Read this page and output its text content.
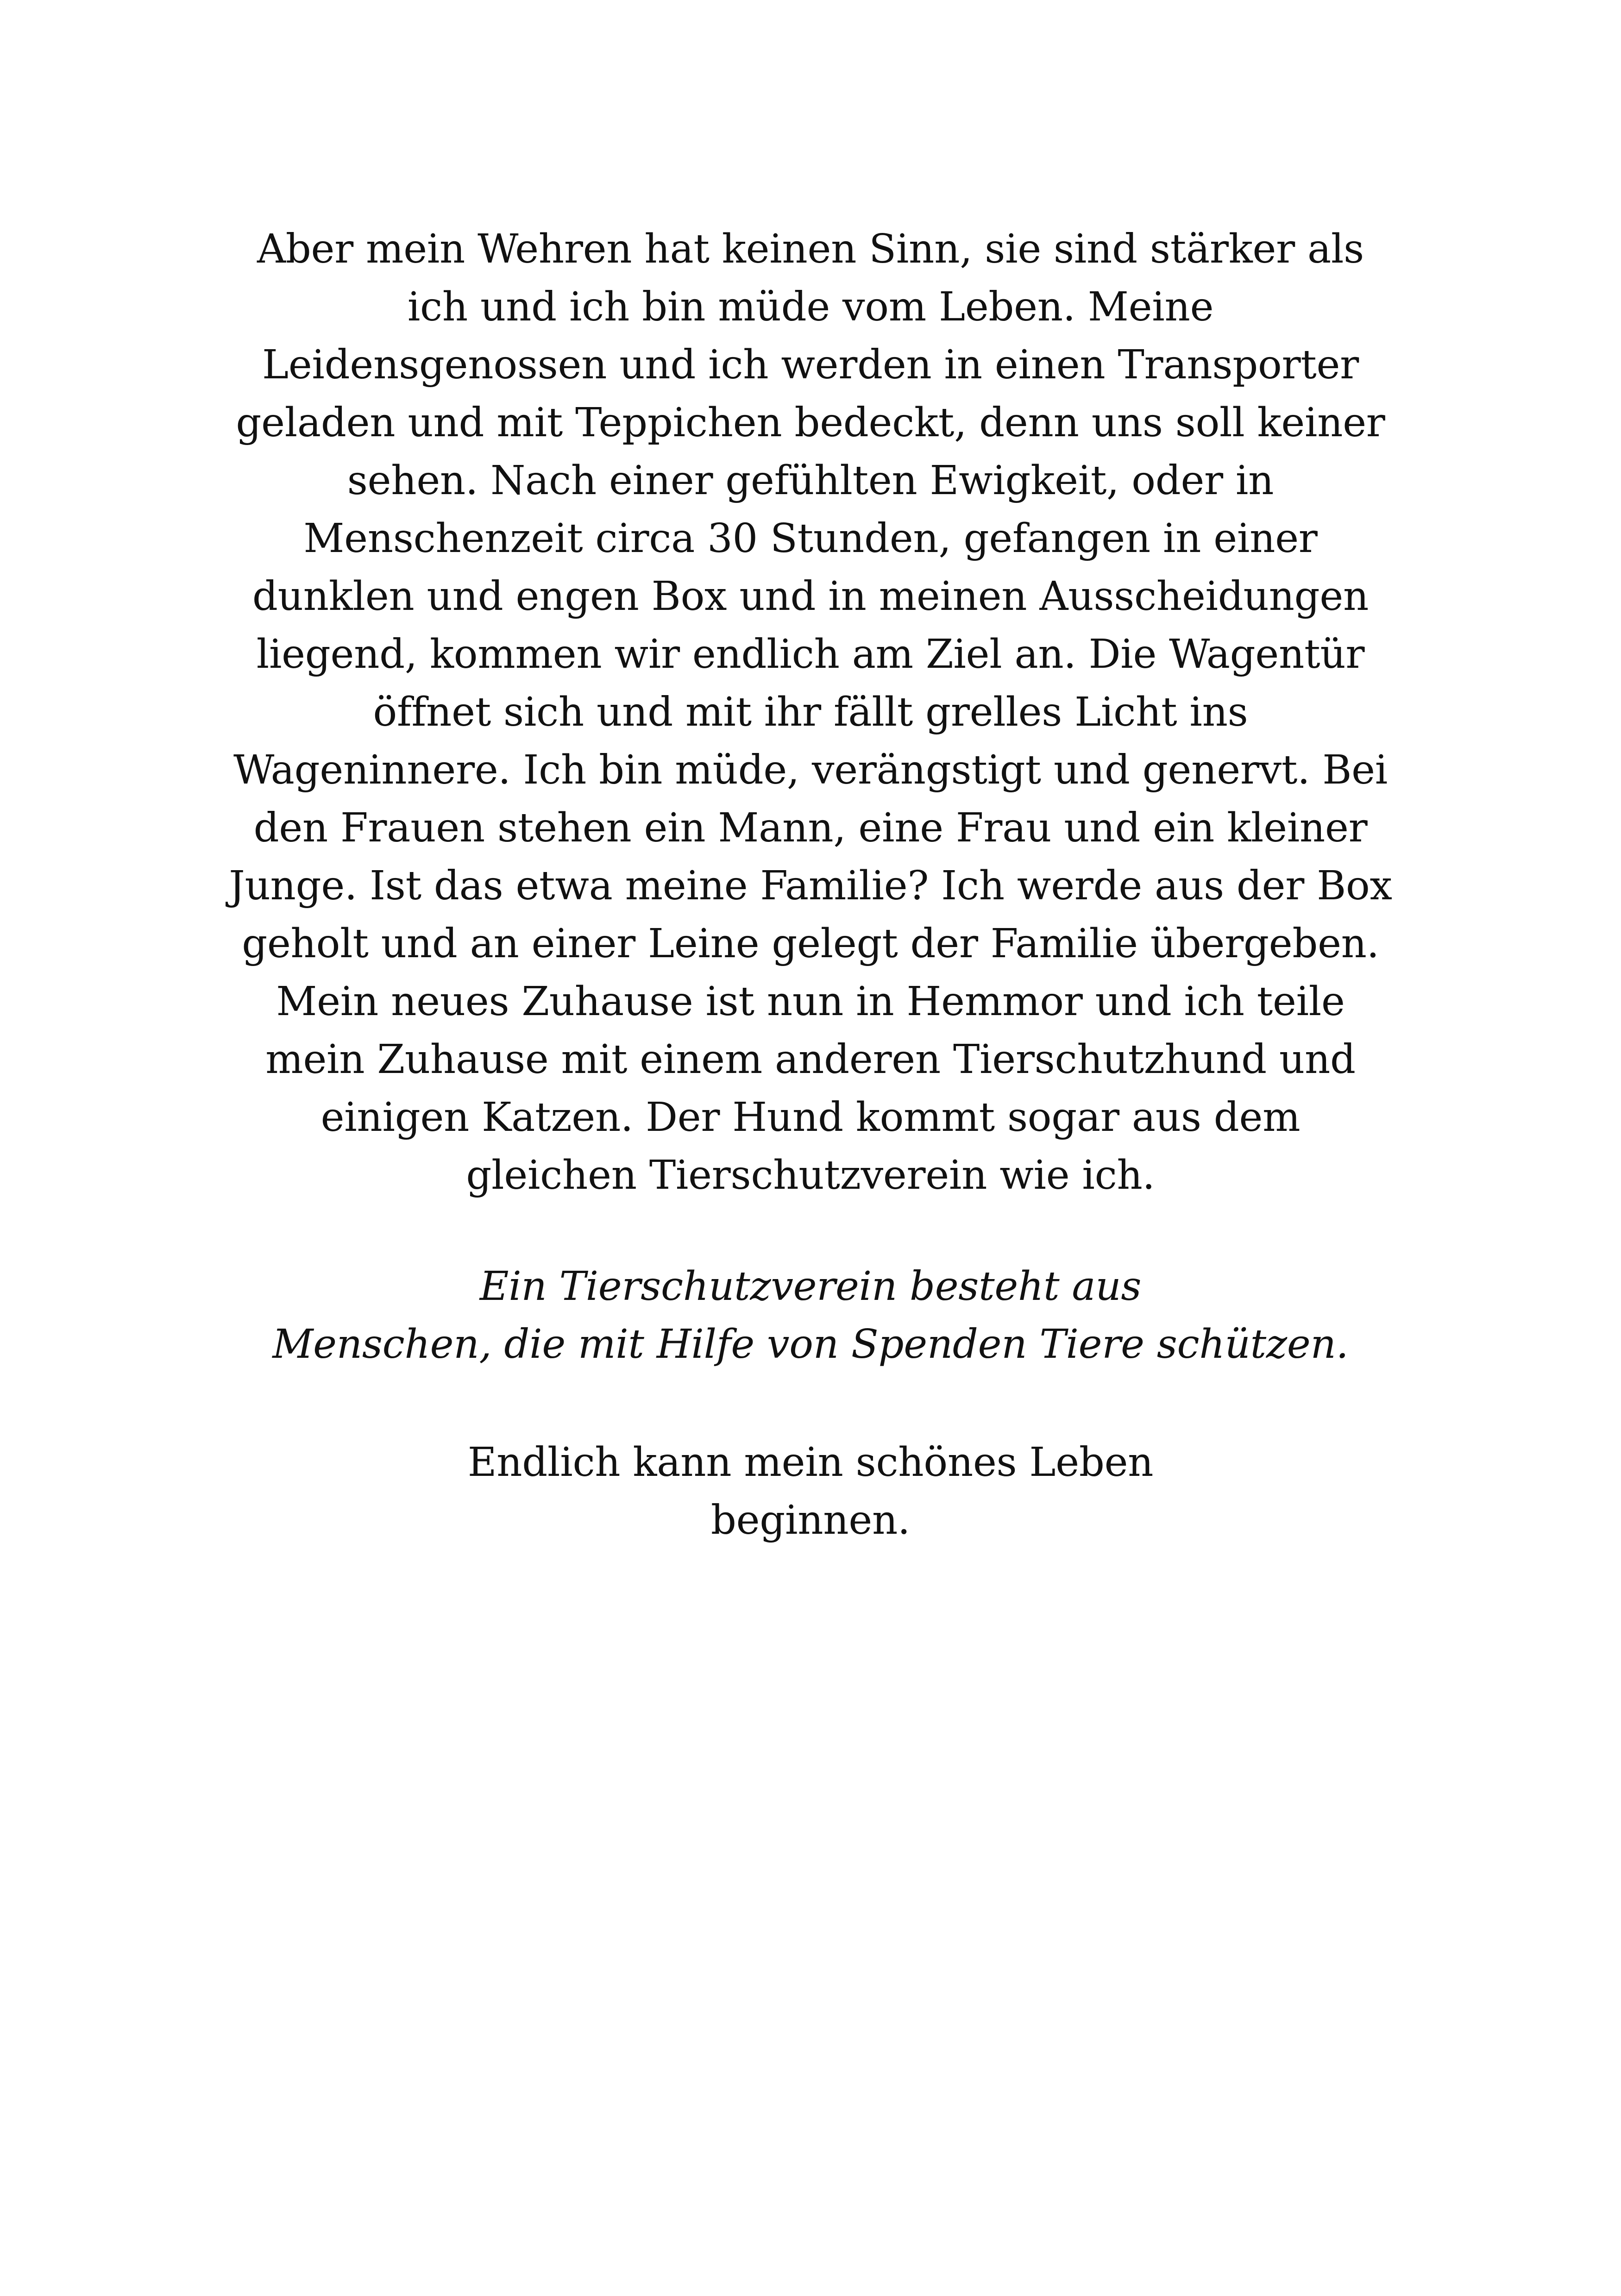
Aber mein Wehren hat keinen Sinn, sie sind stärker als
ich und ich bin müde vom Leben. Meine
Leidensgenossen und ich werden in einen Transporter
geladen und mit Teppichen bedeckt, denn uns soll keiner
sehen. Nach einer gefühlten Ewigkeit, oder in
Menschenzeit circa 30 Stunden, gefangen in einer
dunklen und engen Box und in meinen Ausscheidungen
liegend, kommen wir endlich am Ziel an. Die Wagentür
öffnet sich und mit ihr fällt grelles Licht ins
Wageninnere. Ich bin müde, verängstigt und genervt. Bei
den Frauen stehen ein Mann, eine Frau und ein kleiner
Junge. Ist das etwa meine Familie? Ich werde aus der Box
geholt und an einer Leine gelegt der Familie übergeben.
Mein neues Zuhause ist nun in Hemmor und ich teile
mein Zuhause mit einem anderen Tierschutzhund und
einigen Katzen. Der Hund kommt sogar aus dem
gleichen Tierschutzverein wie ich.
Ein Tierschutzverein besteht aus
Menschen, die mit Hilfe von Spenden Tiere schützen.
Endlich kann mein schönes Leben
beginnen.
